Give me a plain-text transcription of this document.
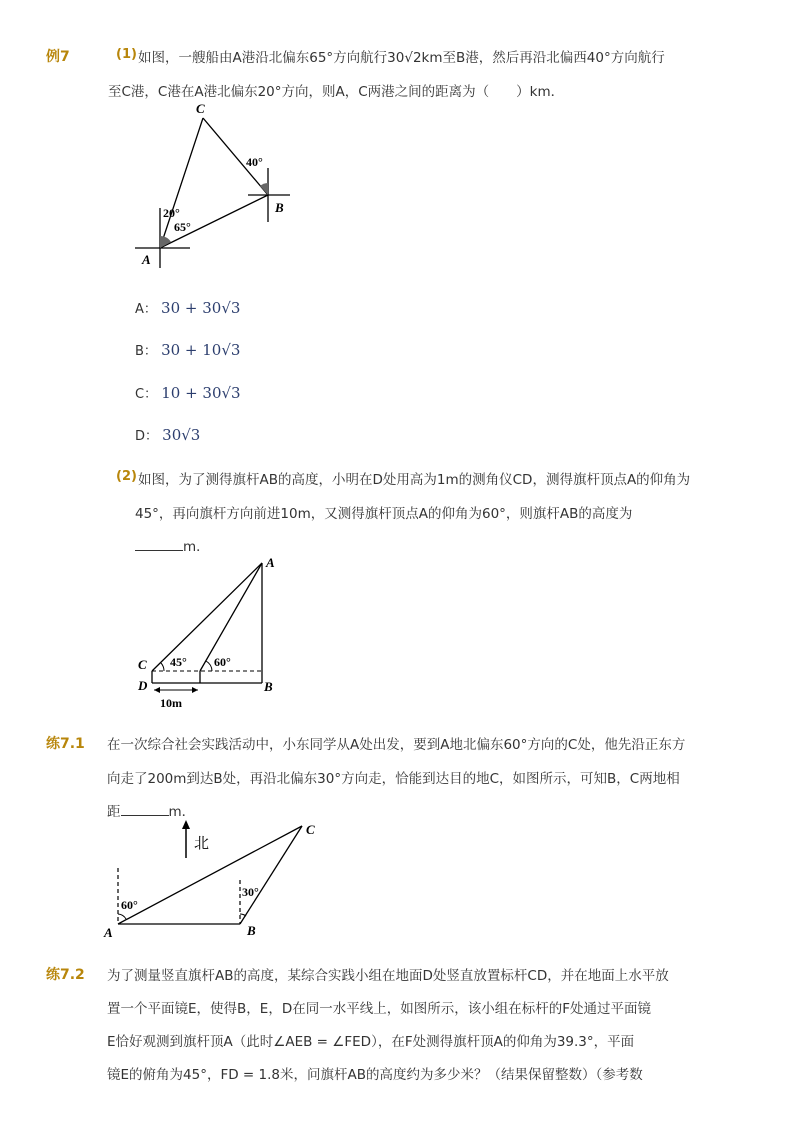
例7	(1) 如图，一艘船由A港沿北偏东65°方向航行30√2km至B港，然后再沿北偏西40°方向航行
至C港，C港在A港北偏东20°方向，则A，C两港之间的距离为（　　）km．
C
B
A
40°
20°
65°
A： 30 + 30√3
B： 30 + 10√3
C： 10 + 30√3
D： 30√3
(2) 如图，为了测得旗杆AB的高度，小明在D处用高为1m的测角仪CD，测得旗杆顶点A的仰角为
45°，再向旗杆方向前进10m，又测得旗杆顶点A的仰角为60°，则旗杆AB的高度为
m．
A
C
D	B
45° 60°
10m
练7.1 在一次综合社会实践活动中，小东同学从A处出发，要到A地北偏东60°方向的C处，他先沿正东方
向走了200m到达B处，再沿北偏东30°方向走，恰能到达目的地C，如图所示，可知B，C两地相
距	m．
北
C
A	B
60°
30°
练7.2 为了测量竖直旗杆AB的高度，某综合实践小组在地面D处竖直放置标杆CD，并在地面上水平放
置一个平面镜E，使得B，E，D在同一水平线上，如图所示，该小组在标杆的F处通过平面镜
E恰好观测到旗杆顶A（此时∠AEB = ∠FED），在F处测得旗杆顶A的仰角为39.3°，平面
镜E的俯角为45°，FD = 1.8米，问旗杆AB的高度约为多少米？（结果保留整数）（参考数
